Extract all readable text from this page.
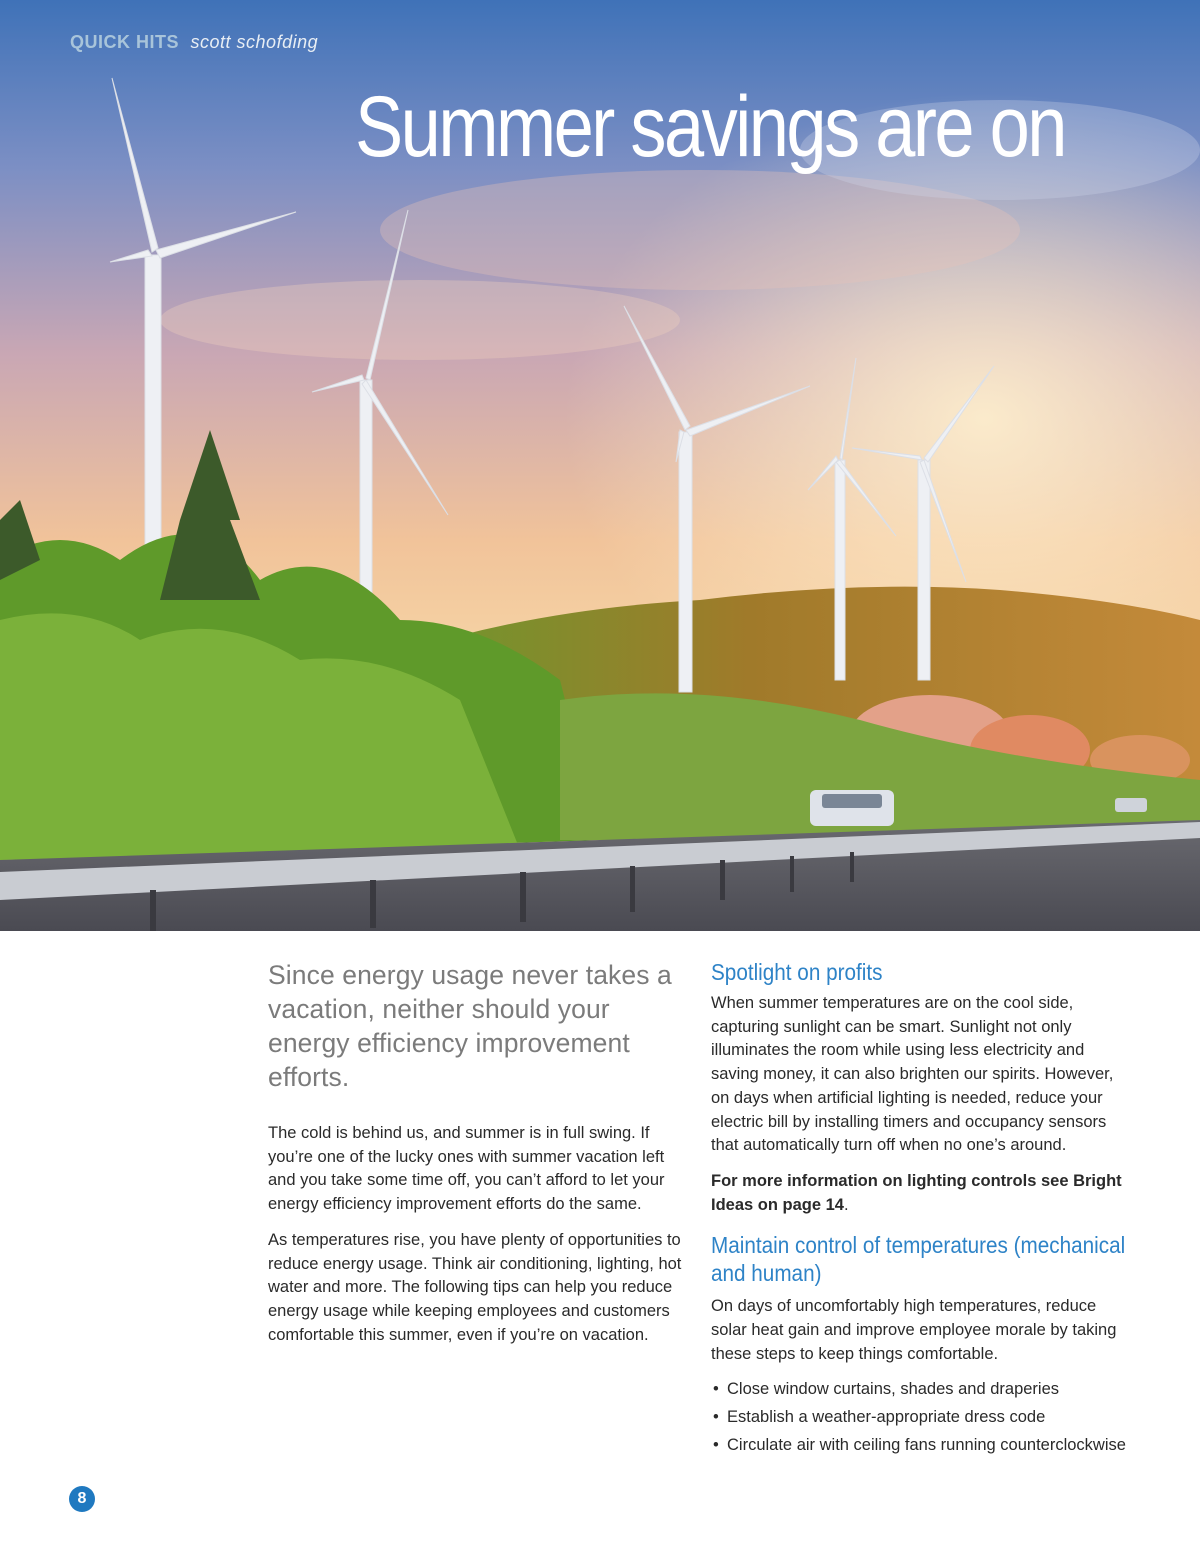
QUICK HITS scott schofding
Summer savings are on

Since energy usage never takes a vacation, neither should your energy efficiency improvement efforts.

The cold is behind us, and summer is in full swing. If you’re one of the lucky ones with summer vacation left and you take some time off, you can’t afford to let your energy efficiency improvement efforts do the same.

As temperatures rise, you have plenty of opportunities to reduce energy usage. Think air conditioning, lighting, hot water and more. The following tips can help you reduce energy usage while keeping employees and customers comfortable this summer, even if you’re on vacation.

Spotlight on profits

When summer temperatures are on the cool side, capturing sunlight can be smart. Sunlight not only illuminates the room while using less electricity and saving money, it can also brighten our spirits. However, on days when artificial lighting is needed, reduce your electric bill by installing timers and occupancy sensors that automatically turn off when no one’s around.

For more information on lighting controls see Bright Ideas on page 14.

Maintain control of temperatures (mechanical and human)

On days of uncomfortably high temperatures, reduce solar heat gain and improve employee morale by taking these steps to keep things comfortable.

• Close window curtains, shades and draperies
• Establish a weather-appropriate dress code
• Circulate air with ceiling fans running counterclockwise
8
